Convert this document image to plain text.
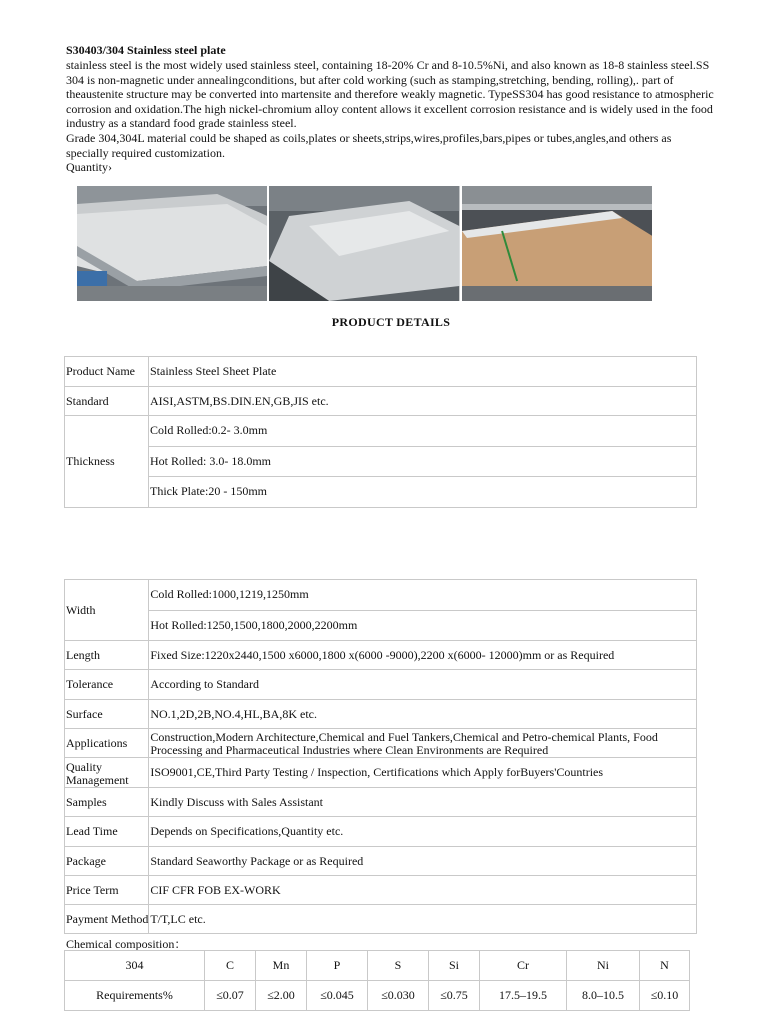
S30403/304 Stainless steel plate

stainless steel is the most widely used stainless steel, containing 18-20% Cr and 8-10.5%Ni, and also known as 18-8 stainless steel.SS 304 is non-magnetic under annealingconditions, but after cold working (such as stamping,stretching, bending, rolling),. part of theaustenite structure may be converted into martensite and therefore weakly magnetic. TypeSS304 has good resistance to atmospheric corrosion and oxidation.The high nickel-chromium alloy content allows it excellent corrosion resistance and is widely used in the food industry as a standard food grade stainless steel.

Grade 304,304L material could be shaped as coils,plates or sheets,strips,wires,profiles,bars,pipes or tubes,angles,and others as specially required customization.

Quantity›

PRODUCT DETAILS
Product Name	Stainless Steel Sheet Plate
Standard	AISI,ASTM,BS.DIN.EN,GB,JIS etc.
Thickness	Cold Rolled:0.2- 3.0mm
Hot Rolled: 3.0- 18.0mm
Thick Plate:20 - 150mm
Width	Cold Rolled:1000,1219,1250mm
Hot Rolled:1250,1500,1800,2000,2200mm

Length	Fixed Size:1220x2440,1500 x6000,1800 x(6000 -9000),2200 x(6000- 12000)mm or as Required
Tolerance	According to Standard
Surface	NO.1,2D,2B,NO.4,HL,BA,8K etc.
Applications	Construction,Modern Architecture,Chemical and Fuel Tankers,Chemical and Petro-chemical Plants, Food Processing and Pharmaceutical Industries where Clean Environments are Required
Quality Management	ISO9001,CE,Third Party Testing / Inspection, Certifications which Apply forBuyers'Countries
Samples	Kindly Discuss with Sales Assistant
Lead Time	Depends on Specifications,Quantity etc.
Package	Standard Seaworthy Package or as Required
Price Term	CIF CFR FOB EX-WORK
Payment Method	T/T,LC etc.
Chemical composition：
304	C	Mn	P	S	Si	Cr	Ni	N
Requirements%	≤0.07	≤2.00	≤0.045	≤0.030	≤0.75	17.5–19.5	8.0–10.5	≤0.10
